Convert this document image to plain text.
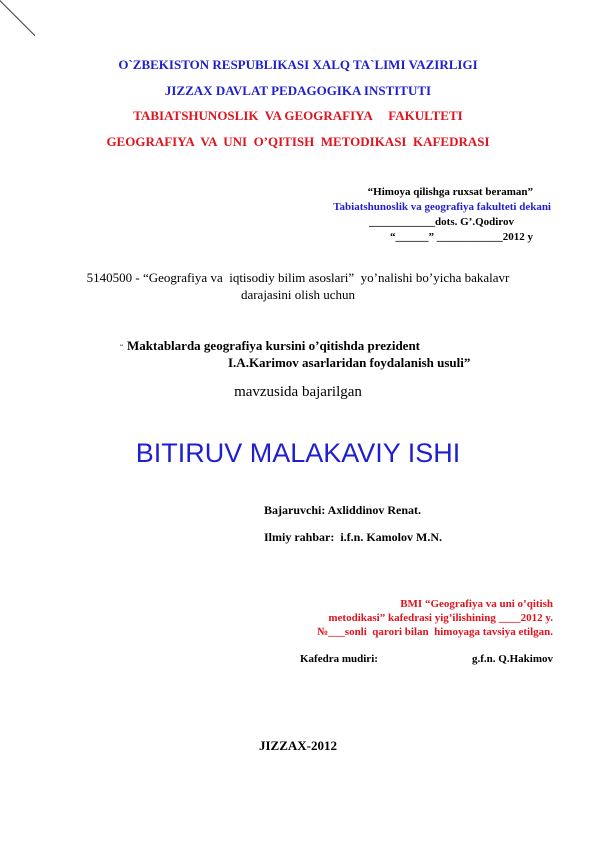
O`ZBEKISTON RESPUBLIKASI XALQ TA`LIMI VAZIRLIGI
JIZZAX DAVLAT PEDAGOGIKA INSTITUTI
TABIATSHUNOSLIK  VA GEOGRAFIYA     FAKULTETI
GEOGRAFIYA  VA  UNI  O’QITISH  METODIKASI  KAFEDRASI
“Himoya qilishga ruxsat beraman”
Tabiatshunoslik va geografiya fakulteti dekani
____________dots. G’.Qodirov
“______” ____________2012 y
5140500 - “Geografiya va  iqtisodiy bilim asoslari”  yo’nalishi bo’yicha bakalavr
darajasini olish uchun
“ Maktablarda geografiya kursini o’qitishda prezident
I.A.Karimov asarlaridan foydalanish usuli”
mavzusida bajarilgan
BITIRUV MALAKAVIY ISHI
Bajaruvchi: Axliddinov Renat.
Ilmiy rahbar:  i.f.n. Kamolov M.N.
BMI “Geografiya va uni o’qitish
metodikasi” kafedrasi yig’ilishining ____2012 y.
№___sonli  qarori bilan  himoyaga tavsiya etilgan.
Kafedra mudiri:	g.f.n. Q.Hakimov
JIZZAX-2012
